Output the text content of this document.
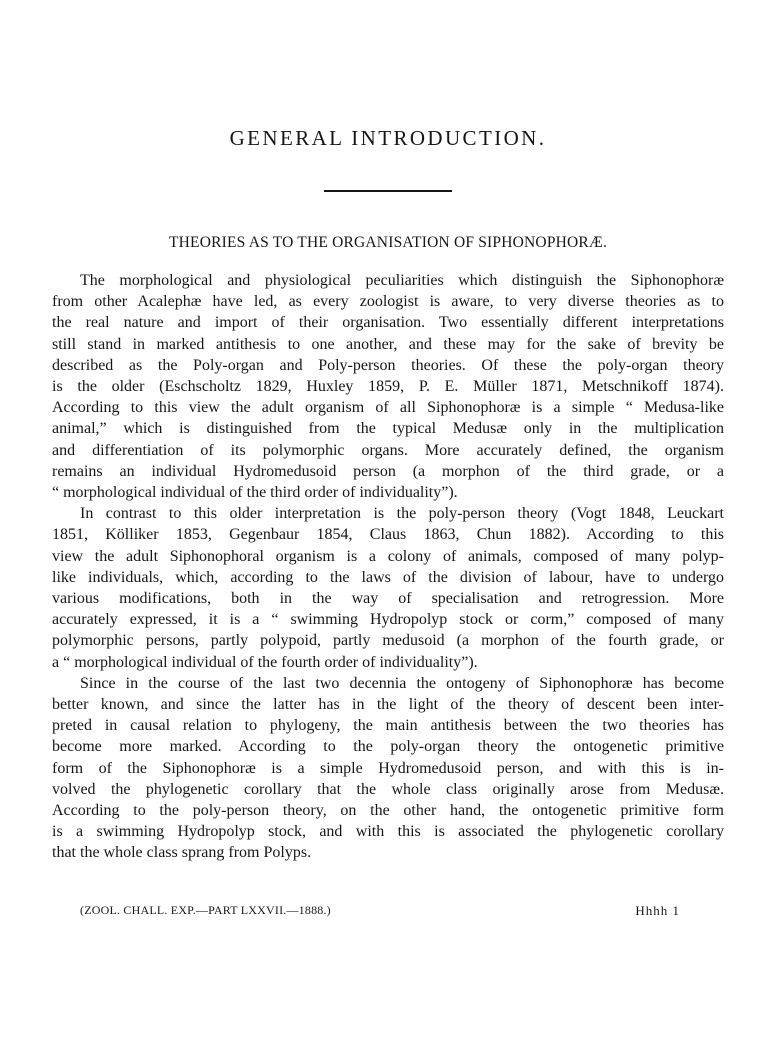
GENERAL INTRODUCTION.
THEORIES AS TO THE ORGANISATION OF SIPHONOPHORÆ.

The morphological and physiological peculiarities which distinguish the Siphonophoræ
from other Acalephæ have led, as every zoologist is aware, to very diverse theories as to
the real nature and import of their organisation. Two essentially different interpretations
still stand in marked antithesis to one another, and these may for the sake of brevity be
described as the Poly-organ and Poly-person theories. Of these the poly-organ theory
is the older (Eschscholtz 1829, Huxley 1859, P. E. Müller 1871, Metschnikoff 1874).
According to this view the adult organism of all Siphonophoræ is a simple “ Medusa-like
animal,” which is distinguished from the typical Medusæ only in the multiplication
and differentiation of its polymorphic organs. More accurately defined, the organism
remains an individual Hydromedusoid person (a morphon of the third grade, or a
“ morphological individual of the third order of individuality”).

In contrast to this older interpretation is the poly-person theory (Vogt 1848, Leuckart
1851, Kölliker 1853, Gegenbaur 1854, Claus 1863, Chun 1882). According to this
view the adult Siphonophoral organism is a colony of animals, composed of many polyp-
like individuals, which, according to the laws of the division of labour, have to undergo
various modifications, both in the way of specialisation and retrogression. More
accurately expressed, it is a “ swimming Hydropolyp stock or corm,” composed of many
polymorphic persons, partly polypoid, partly medusoid (a morphon of the fourth grade, or
a “ morphological individual of the fourth order of individuality”).

Since in the course of the last two decennia the ontogeny of Siphonophoræ has become
better known, and since the latter has in the light of the theory of descent been inter-
preted in causal relation to phylogeny, the main antithesis between the two theories has
become more marked. According to the poly-organ theory the ontogenetic primitive
form of the Siphonophoræ is a simple Hydromedusoid person, and with this is in-
volved the phylogenetic corollary that the whole class originally arose from Medusæ.
According to the poly-person theory, on the other hand, the ontogenetic primitive form
is a swimming Hydropolyp stock, and with this is associated the phylogenetic corollary
that the whole class sprang from Polyps.

(ZOOL. CHALL. EXP.—PART LXXVII.—1888.)	Hhhh 1
